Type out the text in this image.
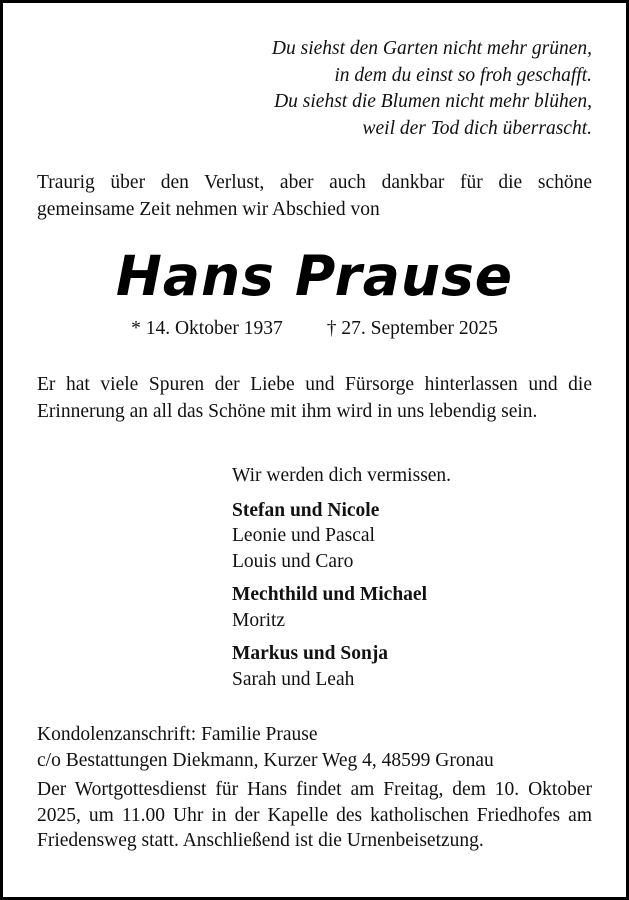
Du siehst den Garten nicht mehr grünen,
in dem du einst so froh geschafft.
Du siehst die Blumen nicht mehr blühen,
weil der Tod dich überrascht.
Traurig über den Verlust, aber auch dankbar für die schöne gemeinsame Zeit nehmen wir Abschied von
Hans Prause
* 14. Oktober 1937 † 27. September 2025
Er hat viele Spuren der Liebe und Fürsorge hinterlassen und die Erinnerung an all das Schöne mit ihm wird in uns lebendig sein.
Wir werden dich vermissen.
Stefan und Nicole
Leonie und Pascal
Louis und Caro
Mechthild und Michael
Moritz
Markus und Sonja
Sarah und Leah
Kondolenzanschrift: Familie Prause
c/o Bestattungen Diekmann, Kurzer Weg 4, 48599 Gronau
Der Wortgottesdienst für Hans findet am Freitag, dem 10. Oktober 2025, um 11.00 Uhr in der Kapelle des katholischen Friedhofes am Friedensweg statt. Anschließend ist die Urnenbeisetzung.
